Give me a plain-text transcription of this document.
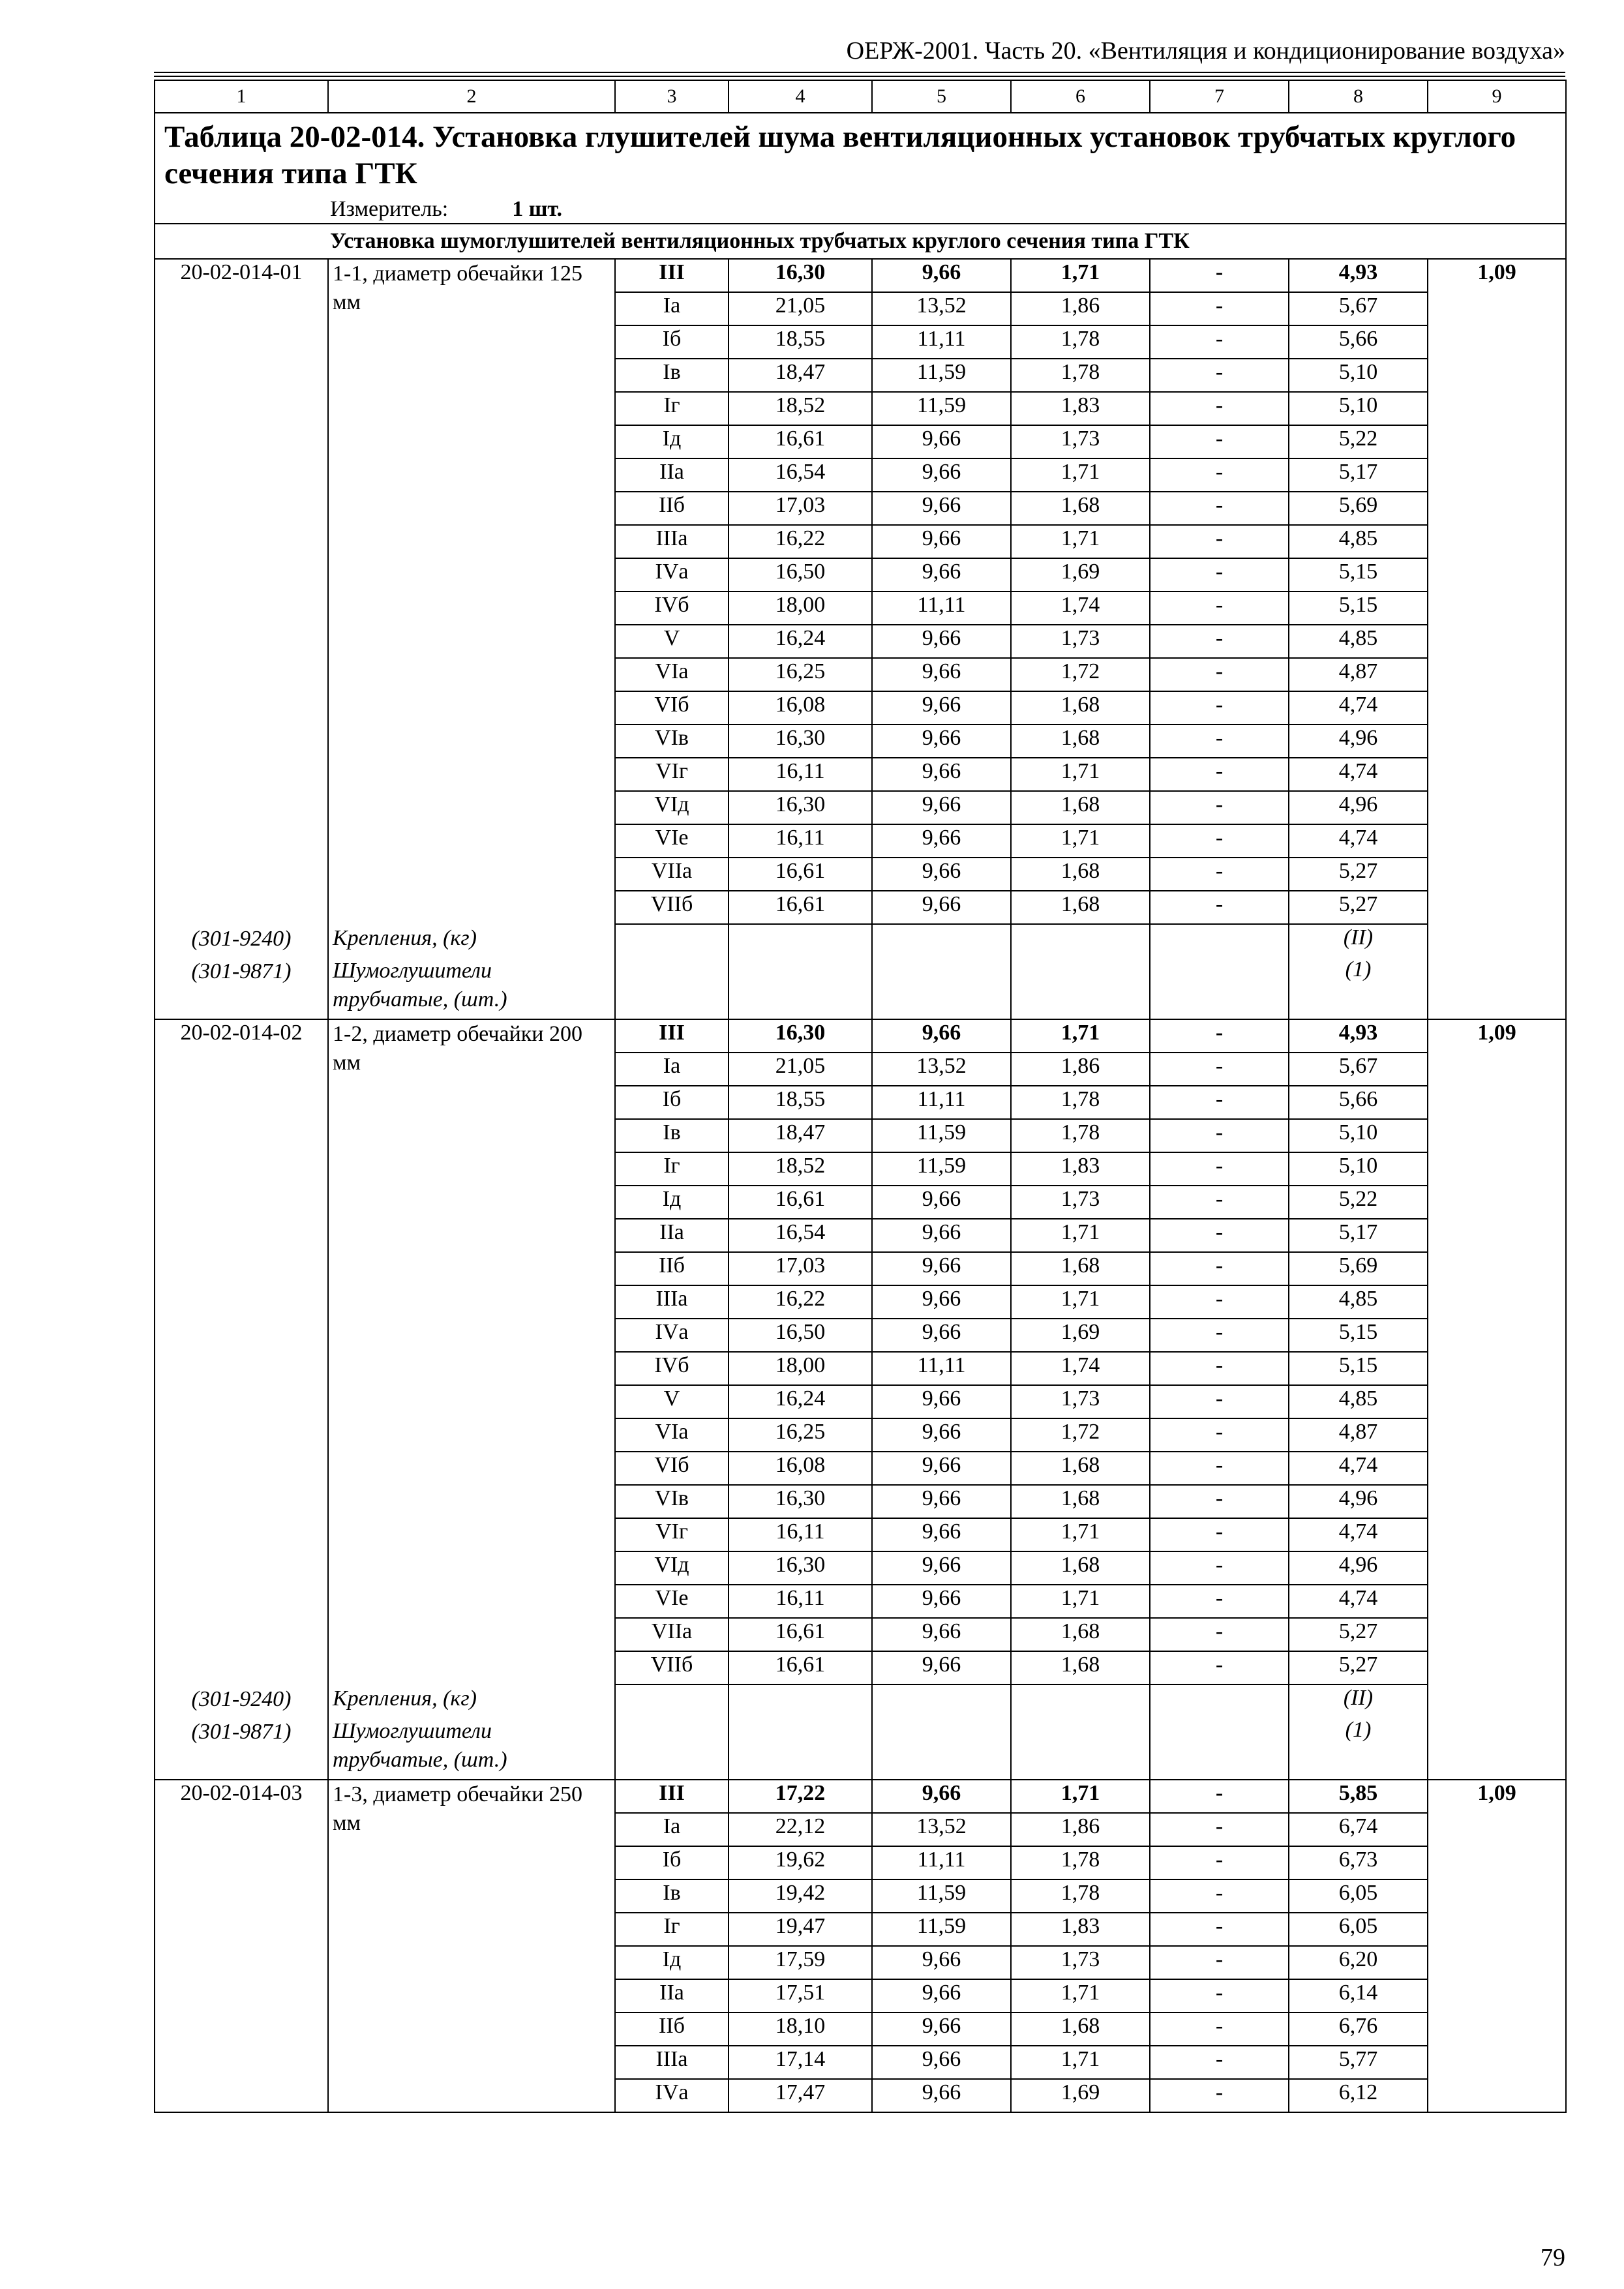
ОЕРЖ-2001. Часть 20. «Вентиляция и кондиционирование воздуха»
1	2	3	4	5	6	7	8	9
Таблица 20-02-014. Установка глушителей шума вентиляционных установок трубчатых круглого сечения типа ГТК								
Измеритель: 1 шт.								
Установка шумоглушителей вентиляционных трубчатых круглого сечения типа ГТК								
20-02-014-01	1-1, диаметр обечайки 125 мм	III	16,30	9,66	1,71	-	4,93	1,09
		Iа	21,05	13,52	1,86	-	5,67	
		Iб	18,55	11,11	1,78	-	5,66	
		Iв	18,47	11,59	1,78	-	5,10	
		Iг	18,52	11,59	1,83	-	5,10	
		Iд	16,61	9,66	1,73	-	5,22	
		IIа	16,54	9,66	1,71	-	5,17	
		IIб	17,03	9,66	1,68	-	5,69	
		IIIа	16,22	9,66	1,71	-	4,85	
		IVа	16,50	9,66	1,69	-	5,15	
		IVб	18,00	11,11	1,74	-	5,15	
		V	16,24	9,66	1,73	-	4,85	
		VIа	16,25	9,66	1,72	-	4,87	
		VIб	16,08	9,66	1,68	-	4,74	
		VIв	16,30	9,66	1,68	-	4,96	
		VIг	16,11	9,66	1,71	-	4,74	
		VIд	16,30	9,66	1,68	-	4,96	
		VIе	16,11	9,66	1,71	-	4,74	
		VIIа	16,61	9,66	1,68	-	5,27	
		VIIб	16,61	9,66	1,68	-	5,27	
(301-9240)	Крепления, (кг)						(II)	
(301-9871)	Шумоглушители трубчатые, (шт.)						(1)	
20-02-014-02	1-2, диаметр обечайки 200 мм	III	16,30	9,66	1,71	-	4,93	1,09
		Iа	21,05	13,52	1,86	-	5,67	
		Iб	18,55	11,11	1,78	-	5,66	
		Iв	18,47	11,59	1,78	-	5,10	
		Iг	18,52	11,59	1,83	-	5,10	
		Iд	16,61	9,66	1,73	-	5,22	
		IIа	16,54	9,66	1,71	-	5,17	
		IIб	17,03	9,66	1,68	-	5,69	
		IIIа	16,22	9,66	1,71	-	4,85	
		IVа	16,50	9,66	1,69	-	5,15	
		IVб	18,00	11,11	1,74	-	5,15	
		V	16,24	9,66	1,73	-	4,85	
		VIа	16,25	9,66	1,72	-	4,87	
		VIб	16,08	9,66	1,68	-	4,74	
		VIв	16,30	9,66	1,68	-	4,96	
		VIг	16,11	9,66	1,71	-	4,74	
		VIд	16,30	9,66	1,68	-	4,96	
		VIе	16,11	9,66	1,71	-	4,74	
		VIIа	16,61	9,66	1,68	-	5,27	
		VIIб	16,61	9,66	1,68	-	5,27	
(301-9240)	Крепления, (кг)						(II)	
(301-9871)	Шумоглушители трубчатые, (шт.)						(1)	
20-02-014-03	1-3, диаметр обечайки 250 мм	III	17,22	9,66	1,71	-	5,85	1,09
		Iа	22,12	13,52	1,86	-	6,74	
		Iб	19,62	11,11	1,78	-	6,73	
		Iв	19,42	11,59	1,78	-	6,05	
		Iг	19,47	11,59	1,83	-	6,05	
		Iд	17,59	9,66	1,73	-	6,20	
		IIа	17,51	9,66	1,71	-	6,14	
		IIб	18,10	9,66	1,68	-	6,76	
		IIIа	17,14	9,66	1,71	-	5,77	
		IVа	17,47	9,66	1,69	-	6,12	
79
